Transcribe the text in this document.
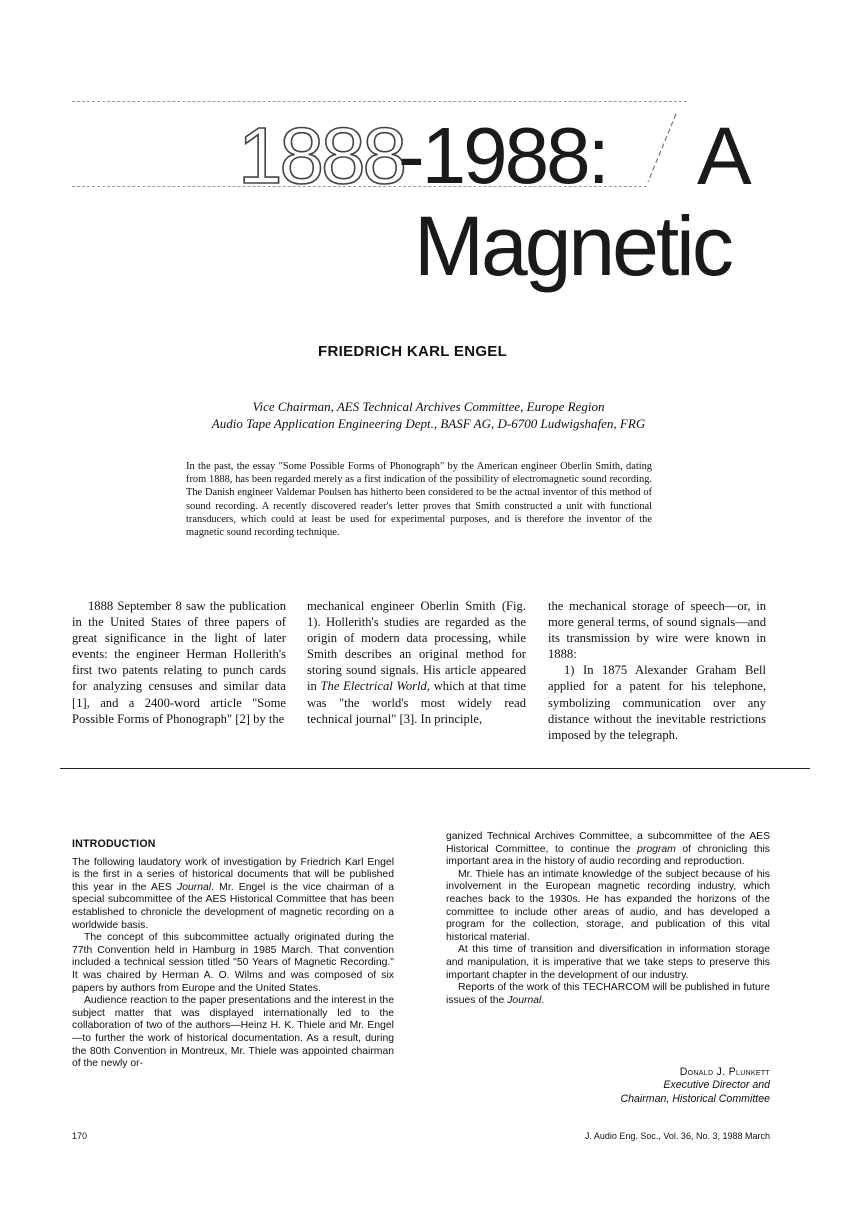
1888
-1988: A
Magnetic
FRIEDRICH KARL ENGEL
Vice Chairman, AES Technical Archives Committee, Europe Region
Audio Tape Application Engineering Dept., BASF AG, D-6700 Ludwigshafen, FRG
In the past, the essay "Some Possible Forms of Phonograph" by the American engineer Oberlin Smith, dating from 1888, has been regarded merely as a first indication of the possibility of electromagnetic sound recording. The Danish engineer Valdemar Poulsen has hitherto been considered to be the actual inventor of this method of sound recording. A recently discovered reader's letter proves that Smith constructed a unit with functional transducers, which could at least be used for experimental purposes, and is therefore the inventor of the magnetic sound recording technique.

1888 September 8 saw the publication in the United States of three papers of great significance in the light of later events: the engineer Herman Hollerith's first two patents relating to punch cards for analyzing censuses and similar data [1], and a 2400-word article "Some Possible Forms of Phonograph" [2] by the

mechanical engineer Oberlin Smith (Fig. 1). Hollerith's studies are regarded as the origin of modern data processing, while Smith describes an original method for storing sound signals. His article appeared in The Electrical World, which at that time was "the world's most widely read technical journal" [3]. In principle,

the mechanical storage of speech—or, in more general terms, of sound signals—and its transmission by wire were known in 1888:

1) In 1875 Alexander Graham Bell applied for a patent for his telephone, symbolizing communication over any distance without the inevitable restrictions imposed by the telegraph.

INTRODUCTION

The following laudatory work of investigation by Friedrich Karl Engel is the first in a series of historical documents that will be published this year in the AES Journal. Mr. Engel is the vice chairman of a special subcommittee of the AES Historical Committee that has been established to chronicle the development of magnetic recording on a worldwide basis.

The concept of this subcommittee actually originated during the 77th Convention held in Hamburg in 1985 March. That convention included a technical session titled "50 Years of Magnetic Recording." It was chaired by Herman A. O. Wilms and was composed of six papers by authors from Europe and the United States.

Audience reaction to the paper presentations and the interest in the subject matter that was displayed internationally led to the collaboration of two of the authors—Heinz H. K. Thiele and Mr. Engel—to further the work of historical documentation. As a result, during the 80th Convention in Montreux, Mr. Thiele was appointed chairman of the newly or-

ganized Technical Archives Committee, a subcommittee of the AES Historical Committee, to continue the program of chronicling this important area in the history of audio recording and reproduction.

Mr. Thiele has an intimate knowledge of the subject because of his involvement in the European magnetic recording industry, which reaches back to the 1930s. He has expanded the horizons of the committee to include other areas of audio, and has developed a program for the collection, storage, and publication of this vital historical material.

At this time of transition and diversification in information storage and manipulation, it is imperative that we take steps to preserve this important chapter in the development of our industry.

Reports of the work of this TECHARCOM will be published in future issues of the Journal.

Donald J. Plunkett
Executive Director and
Chairman, Historical Committee
170	J. Audio Eng. Soc., Vol. 36, No. 3, 1988 March
